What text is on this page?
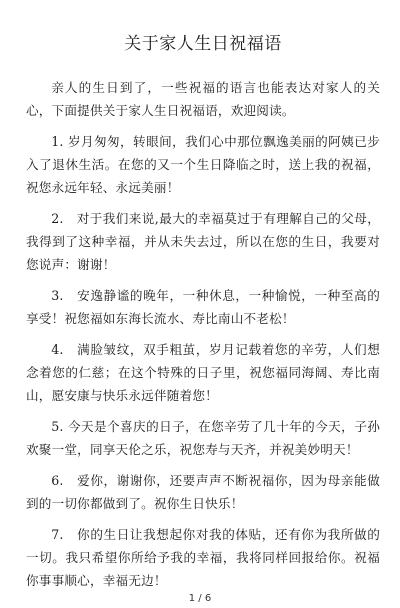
关于家人生日祝福语

亲人的生日到了，一些祝福的语言也能表达对家人的关心，下面提供关于家人生日祝福语，欢迎阅读。

1. 岁月匆匆，转眼间，我们心中那位飘逸美丽的阿姨已步入了退休生活。在您的又一个生日降临之时，送上我的祝福，祝您永远年轻、永远美丽！

2.　对于我们来说,最大的幸福莫过于有理解自己的父母，我得到了这种幸福，并从未失去过，所以在您的生日，我要对您说声：谢谢！

3.　安逸静谧的晚年，一种休息，一种愉悦，一种至高的享受！祝您福如东海长流水、寿比南山不老松！

4.　满脸皱纹，双手粗茧，岁月记载着您的辛劳，人们想念着您的仁慈；在这个特殊的日子里，祝您福同海阔、寿比南山，愿安康与快乐永远伴随着您！

5. 今天是个喜庆的日子，在您辛劳了几十年的今天，子孙欢聚一堂，同享天伦之乐，祝您寿与天齐，并祝美妙明天！

6.　爱你，谢谢你，还要声声不断祝福你，因为母亲能做到的一切你都做到了。祝你生日快乐！

7.　你的生日让我想起你对我的体贴，还有你为我所做的一切。我只希望你所给予我的幸福，我将同样回报给你。祝福你事事顺心，幸福无边！

1 / 6
